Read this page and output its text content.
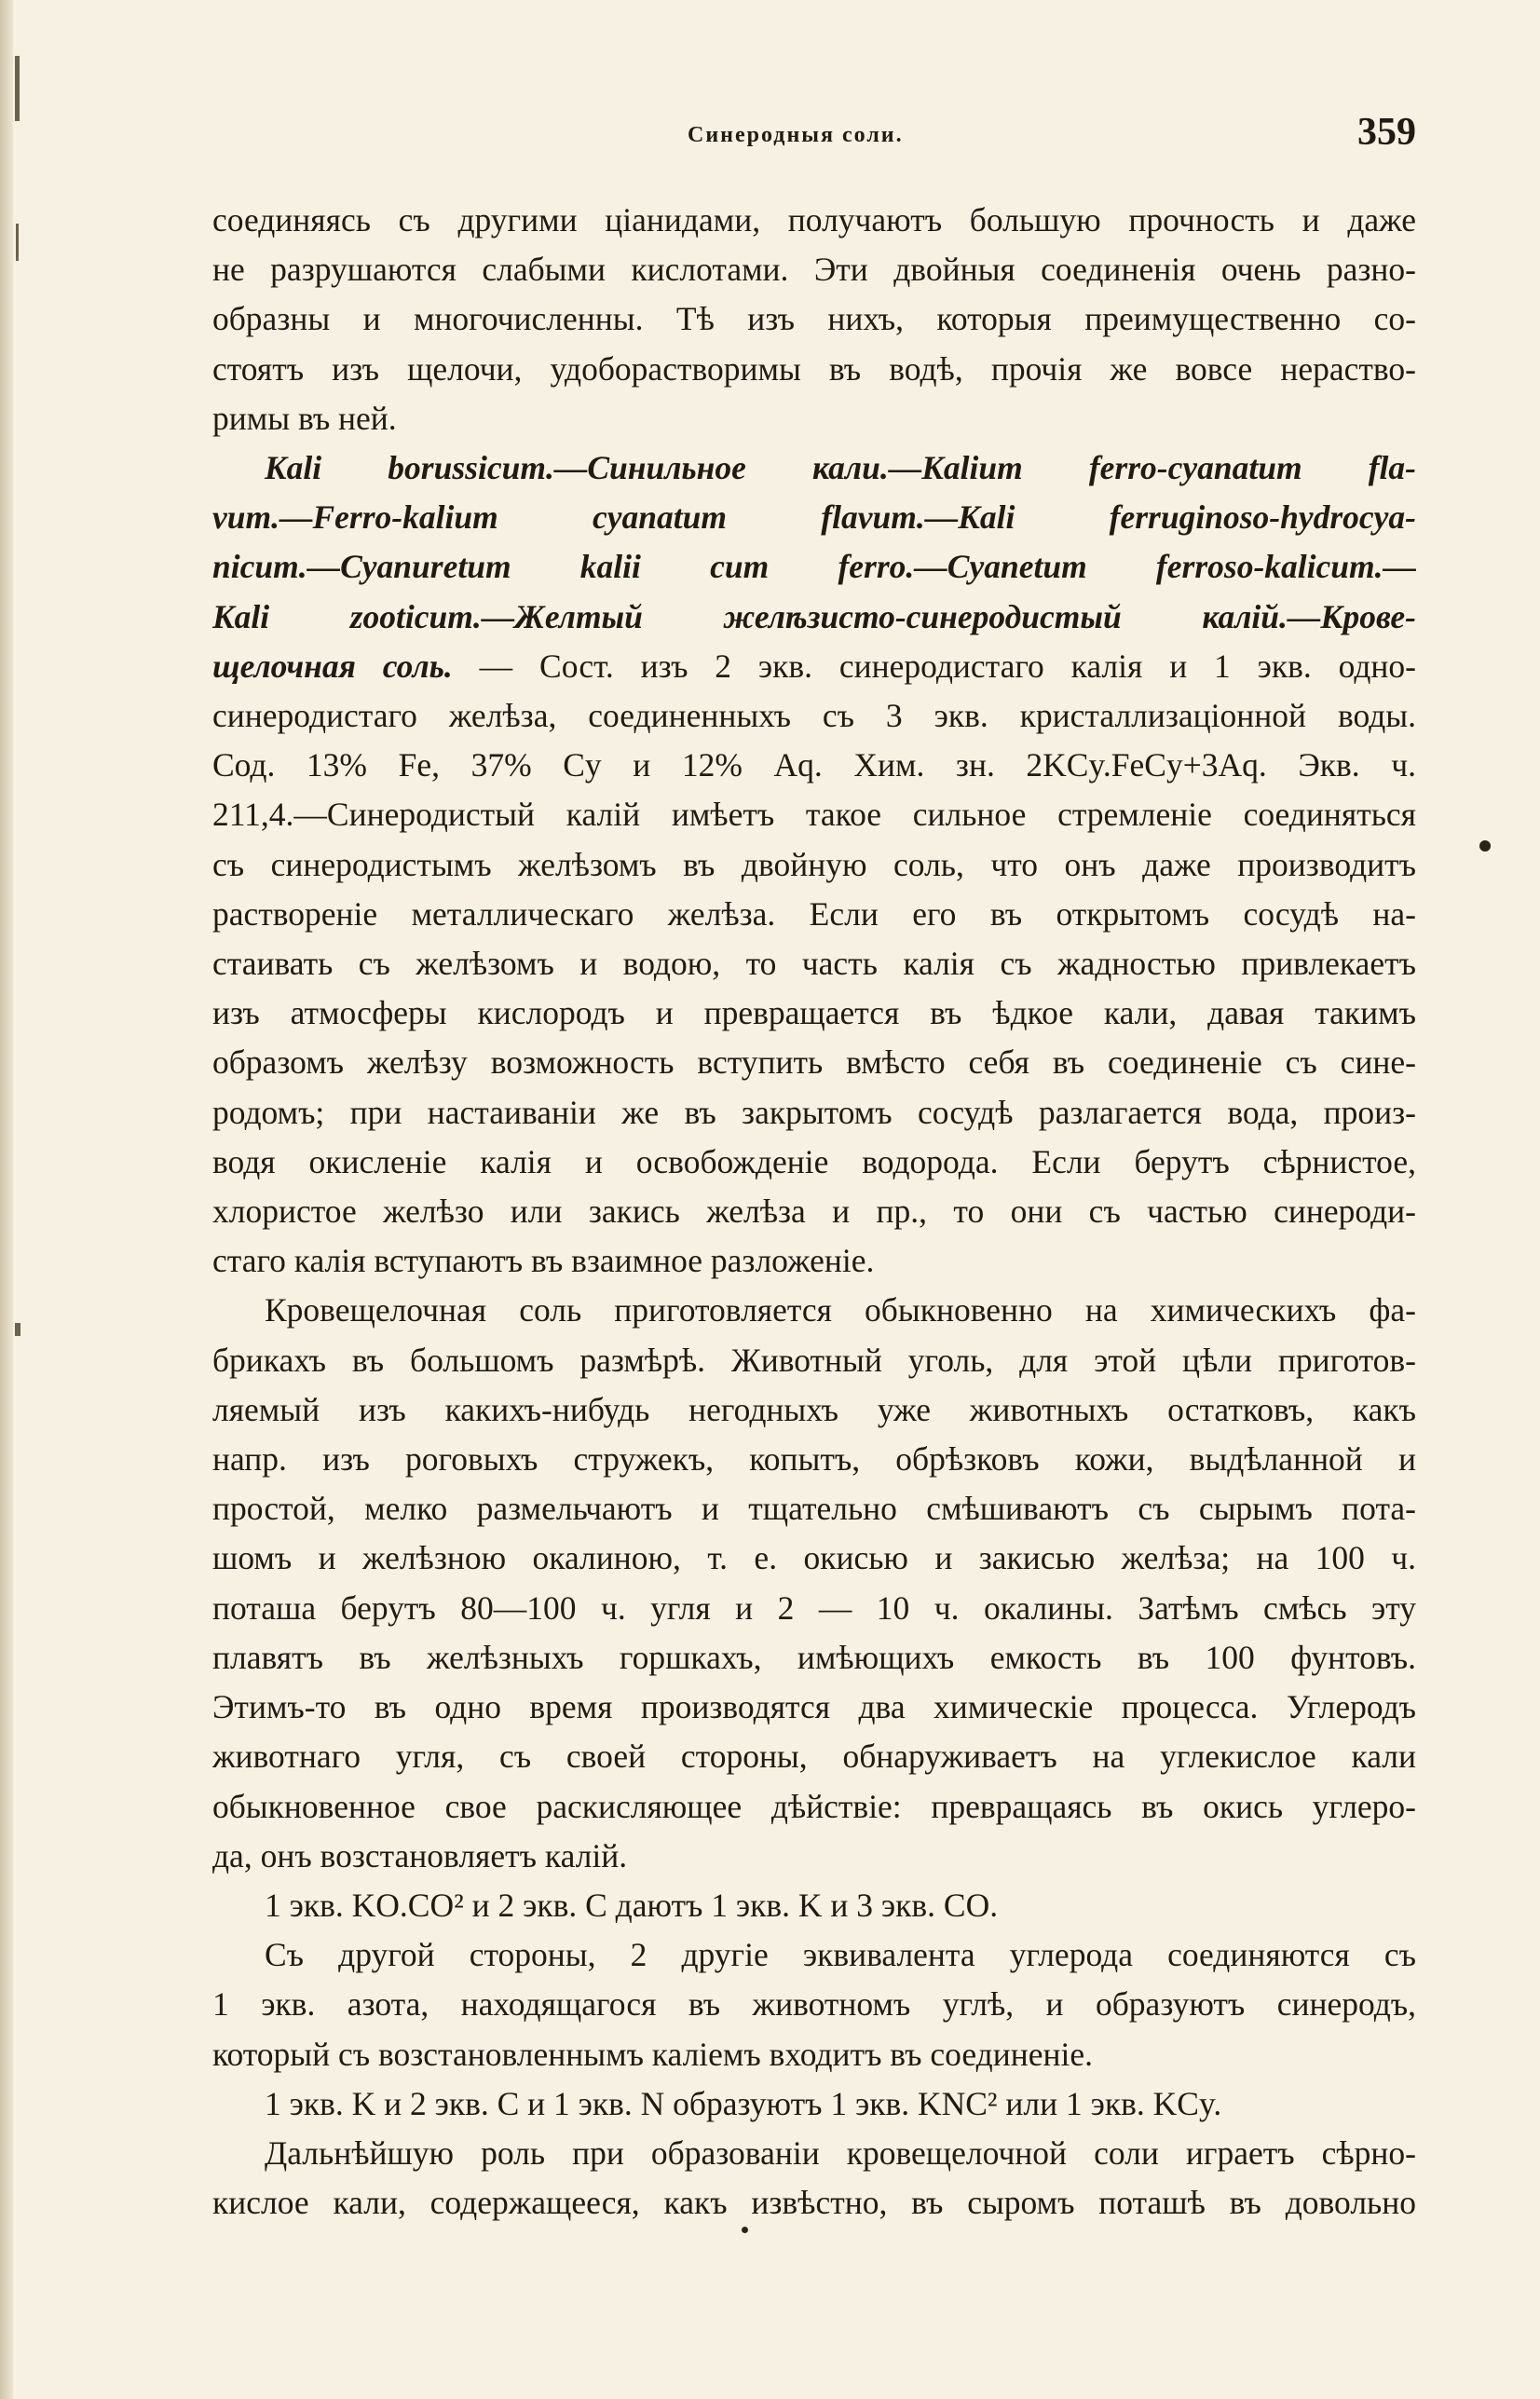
Синеродныя соли.	359

соединяясь съ другими ціанидами, получаютъ большую прочность и даже

не разрушаются слабыми кислотами. Эти двойныя соединенія очень разно-

образны и многочисленны. Тѣ изъ нихъ, которыя преимущественно со-

стоятъ изъ щелочи, удоборастворимы въ водѣ, прочія же вовсе нераство-

римы въ ней.

Kali borussicum.—Синильное кали.—Kalium ferro-cyanatum fla-

vum.—Ferro-kalium cyanatum flavum.—Kali ferruginoso-hydrocya-

nicum.—Cyanuretum kalii cum ferro.—Cyanetum ferroso-kalicum.—

Kali zooticum.—Желтый желѣзисто-синеродистый калій.—Крове-

щелочная соль. — Сост. изъ 2 экв. синеродистаго калія и 1 экв. одно-

синеродистаго желѣза, соединенныхъ съ 3 экв. кристаллизаціонной воды.

Сод. 13% Fe, 37% Cy и 12% Aq. Хим. зн. 2KCy.FeCy+3Aq. Экв. ч.

211,4.—Синеродистый калій имѣетъ такое сильное стремленіе соединяться

съ синеродистымъ желѣзомъ въ двойную соль, что онъ даже производитъ

раствореніе металлическаго желѣза. Если его въ открытомъ сосудѣ на-

стаивать съ желѣзомъ и водою, то часть калія съ жадностью привлекаетъ

изъ атмосферы кислородъ и превращается въ ѣдкое кали, давая такимъ

образомъ желѣзу возможность вступить вмѣсто себя въ соединеніе съ сине-

родомъ; при настаиваніи же въ закрытомъ сосудѣ разлагается вода, произ-

водя окисленіе калія и освобожденіе водорода. Если берутъ сѣрнистое,

хлористое желѣзо или закись желѣза и пр., то они съ частью синероди-

стаго калія вступаютъ въ взаимное разложеніе.

Кровещелочная соль приготовляется обыкновенно на химическихъ фа-

брикахъ въ большомъ размѣрѣ. Животный уголь, для этой цѣли приготов-

ляемый изъ какихъ-нибудь негодныхъ уже животныхъ остатковъ, какъ

напр. изъ роговыхъ стружекъ, копытъ, обрѣзковъ кожи, выдѣланной и

простой, мелко размельчаютъ и тщательно смѣшиваютъ съ сырымъ пота-

шомъ и желѣзною окалиною, т. е. окисью и закисью желѣза; на 100 ч.

поташа берутъ 80—100 ч. угля и 2 — 10 ч. окалины. Затѣмъ смѣсь эту

плавятъ въ желѣзныхъ горшкахъ, имѣющихъ емкость въ 100 фунтовъ.

Этимъ-то въ одно время производятся два химическіе процесса. Углеродъ

животнаго угля, съ своей стороны, обнаруживаетъ на углекислое кали

обыкновенное свое раскисляющее дѣйствіе: превращаясь въ окись углеро-

да, онъ возстановляетъ калій.

1 экв. KO.CO² и 2 экв. C даютъ 1 экв. K и 3 экв. CO.

Съ другой стороны, 2 другіе эквивалента углерода соединяются съ

1 экв. азота, находящагося въ животномъ углѣ, и образуютъ синеродъ,

который съ возстановленнымъ каліемъ входитъ въ соединеніе.

1 экв. K и 2 экв. C и 1 экв. N образуютъ 1 экв. KNC² или 1 экв. KCy.

Дальнѣйшую роль при образованіи кровещелочной соли играетъ сѣрно-

кислое кали, содержащееся, какъ извѣстно, въ сыромъ поташѣ въ довольно
